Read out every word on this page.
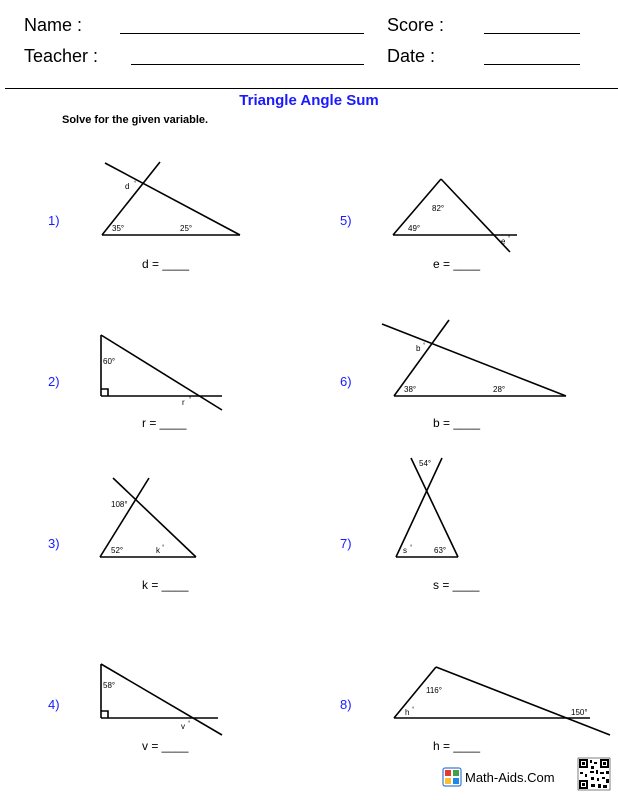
Name :	Score :
Teacher :	Date :
Triangle Angle Sum
Solve for the given variable.
1)
2)
3)
4)
5)
6)
7)
8)
d = ____
r = ____
k = ____
v = ____
e = ____
b = ____
s = ____
h = ____
d °
35°	25°
60°
r °
108°
52°	k °
58°
v °
82°
49°
e °
b °
38°	28°
54°
s °	63°
116°
h °	150°
Math-Aids.Com
